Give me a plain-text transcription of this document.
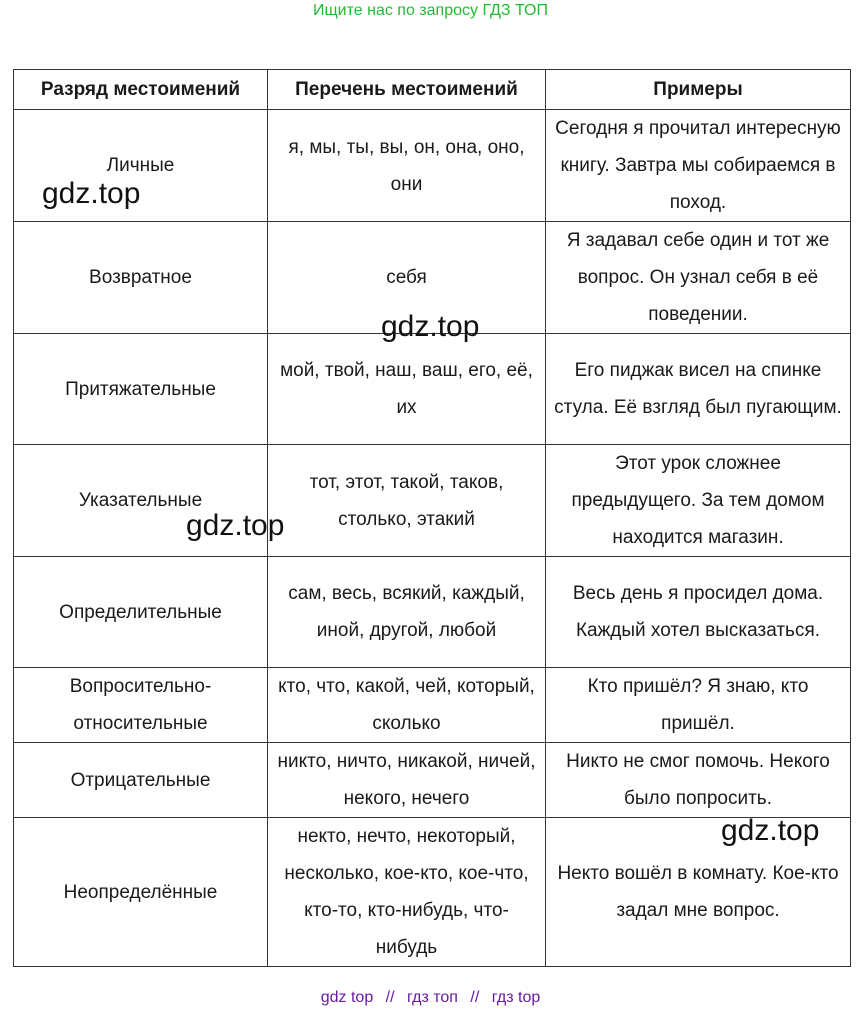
Ищите нас по запросу ГДЗ ТОП
Разряд местоимений	Перечень местоимений	Примеры
Личные	я, мы, ты, вы, он, она, оно, они	Сегодня я прочитал интересную книгу. Завтра мы собираемся в поход.
Возвратное	себя	Я задавал себе один и тот же вопрос. Он узнал себя в её поведении.
Притяжательные	мой, твой, наш, ваш, его, её, их	Его пиджак висел на спинке стула. Её взгляд был пугающим.
Указательные	тот, этот, такой, таков, столько, этакий	Этот урок сложнее предыдущего. За тем домом находится магазин.
Определительные	сам, весь, всякий, каждый, иной, другой, любой	Весь день я просидел дома. Каждый хотел высказаться.
Вопросительно-относительные	кто, что, какой, чей, который, сколько	Кто пришёл? Я знаю, кто пришёл.
Отрицательные	никто, ничто, никакой, ничей, некого, нечего	Никто не смог помочь. Некого было попросить.
Неопределённые	некто, нечто, некоторый, несколько, кое-кто, кое-что, кто-то, кто-нибудь, что-нибудь	Некто вошёл в комнату. Кое-кто задал мне вопрос.
gdz.top
gdz.top
gdz.top
gdz.top
gdz top // гдз топ // гдз top
